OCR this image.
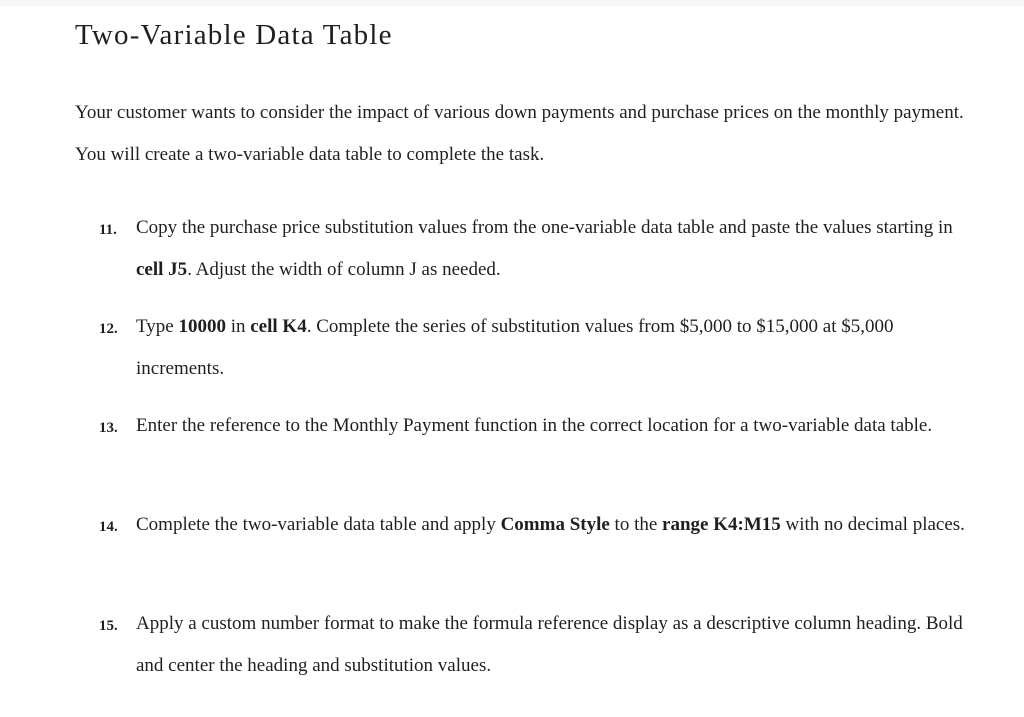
Two-Variable Data Table

Your customer wants to consider the impact of various down payments and purchase prices on the monthly payment. You will create a two-variable data table to complete the task.

11. Copy the purchase price substitution values from the one-variable data table and paste the values starting in cell J5. Adjust the width of column J as needed.
12. Type 10000 in cell K4. Complete the series of substitution values from $5,000 to $15,000 at $5,000 increments.
13. Enter the reference to the Monthly Payment function in the correct location for a two-variable data table.
14. Complete the two-variable data table and apply Comma Style to the range K4:M15 with no decimal places.
15. Apply a custom number format to make the formula reference display as a descriptive column heading. Bold and center the heading and substitution values.
